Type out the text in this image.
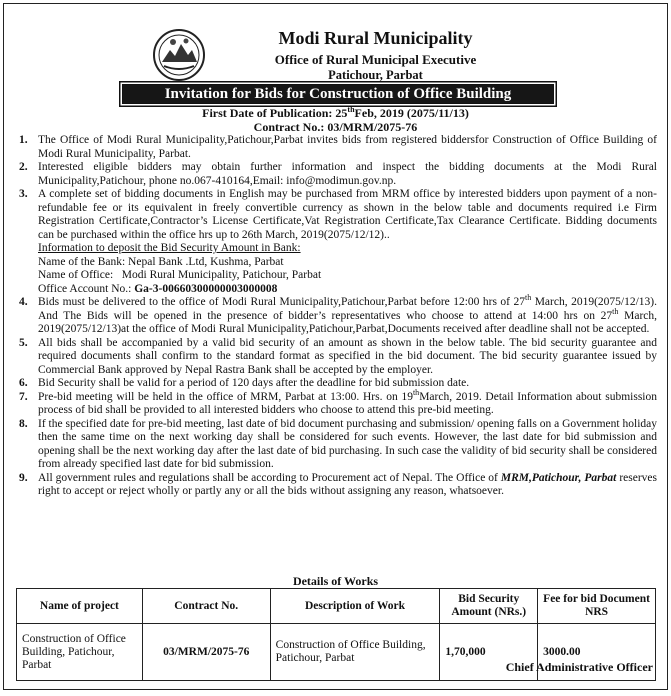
Modi Rural Municipality
Office of Rural Municipal Executive
Patichour, Parbat
Invitation for Bids for Construction of Office Building
First Date of Publication: 25thFeb, 2019 (2075/11/13)
Contract No.: 03/MRM/2075-76
1. The Office of Modi Rural Municipality,Patichour,Parbat invites bids from registered biddersfor Construction of Office Building of Modi Rural Municipality, Parbat.
2. Interested eligible bidders may obtain further information and inspect the bidding documents at the Modi Rural Municipality,Patichour, phone no.067-410164,Email: info@modimun.gov.np.
3. A complete set of bidding documents in English may be purchased from MRM office by interested bidders upon payment of a non-refundable fee or its equivalent in freely convertible currency as shown in the below table and documents required i.e Firm Registration Certificate,Contractor’s License Certificate,Vat Registration Certificate,Tax Clearance Certificate. Bidding documents can be purchased within the office hrs up to 26th March, 2019(2075/12/12)..
Information to deposit the Bid Security Amount in Bank:
Name of the Bank: Nepal Bank .Ltd, Kushma, Parbat
Name of Office:   Modi Rural Municipality, Patichour, Parbat
Office Account No.: Ga-3-00660300000003000008
4. Bids must be delivered to the office of Modi Rural Municipality,Patichour,Parbat before 12:00 hrs of 27th March, 2019(2075/12/13). And The Bids will be opened in the presence of bidder’s representatives who choose to attend at 14:00 hrs on 27th March, 2019(2075/12/13)at the office of Modi Rural Municipality,Patichour,Parbat,Documents received after deadline shall not be accepted.
5. All bids shall be accompanied by a valid bid security of an amount as shown in the below table. The bid security guarantee and required documents shall confirm to the standard format as specified in the bid document. The bid security guarantee issued by Commercial Bank approved by Nepal Rastra Bank shall be accepted by the employer.
6. Bid Security shall be valid for a period of 120 days after the deadline for bid submission date.
7. Pre-bid meeting will be held in the office of MRM, Parbat at 13:00. Hrs. on 19thMarch, 2019. Detail Information about submission process of bid shall be provided to all interested bidders who choose to attend this pre-bid meeting.
8. If the specified date for pre-bid meeting, last date of bid document purchasing and submission/ opening falls on a Government holiday then the same time on the next working day shall be considered for such events. However, the last date for bid submission and opening shall be the next working day after the last date of bid purchasing. In such case the validity of bid security shall be considered from already specified last date for bid submission.
9. All government rules and regulations shall be according to Procurement act of Nepal. The Office of MRM,Patichour, Parbat reserves right to accept or reject wholly or partly any or all the bids without assigning any reason, whatsoever.
Details of Works
Name of project	Contract No.	Description of Work	Bid Security Amount (NRs.)	Fee for bid Document NRS
Construction of Office Building, Patichour, Parbat	03/MRM/2075-76	Construction of Office Building, Patichour, Parbat	1,70,000	3000.00
Chief Administrative Officer
